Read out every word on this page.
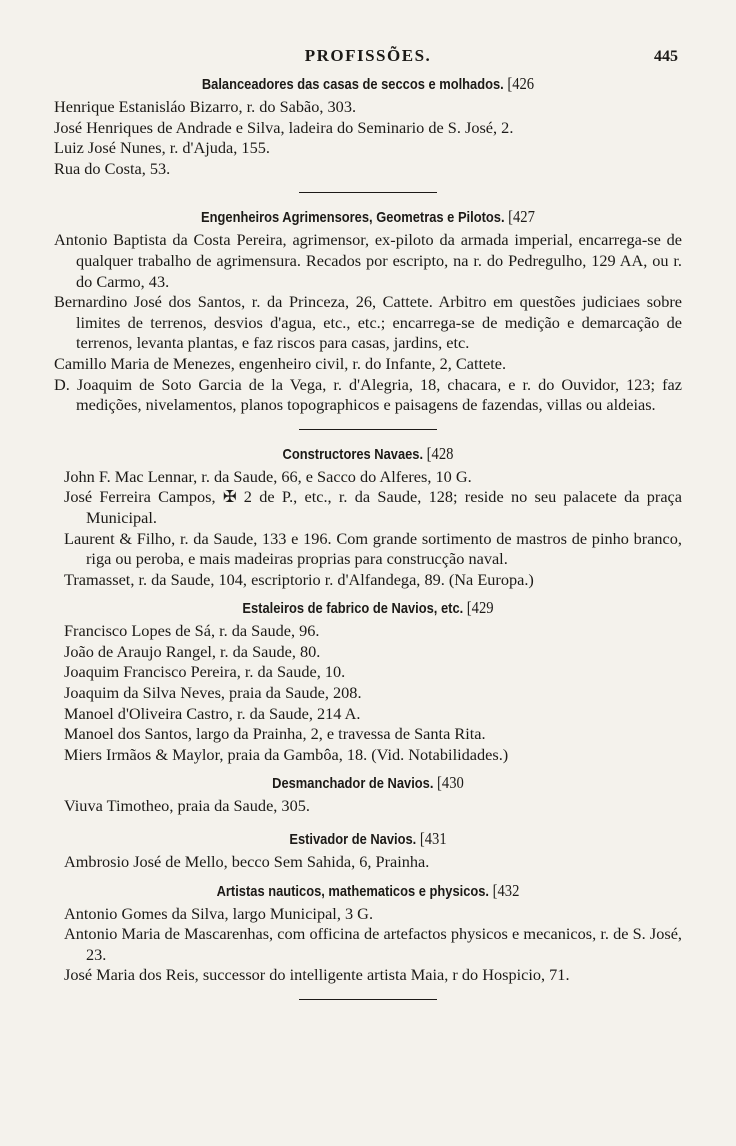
PROFISSÕES.	445
Balanceadores das casas de seccos e molhados. [426

Henrique Estanisláo Bizarro, r. do Sabão, 303.

José Henriques de Andrade e Silva, ladeira do Seminario de S. José, 2.

Luiz José Nunes, r. d'Ajuda, 155.

Rua do Costa, 53.

Engenheiros Agrimensores, Geometras e Pilotos. [427

Antonio Baptista da Costa Pereira, agrimensor, ex-piloto da armada imperial, encarrega-se de qualquer trabalho de agrimensura. Recados por escripto, na r. do Pedregulho, 129 AA, ou r. do Carmo, 43.

Bernardino José dos Santos, r. da Princeza, 26, Cattete. Arbitro em questões judiciaes sobre limites de terrenos, desvios d'agua, etc., etc.; encarrega-se de medição e demarcação de terrenos, levanta plantas, e faz riscos para casas, jardins, etc.

Camillo Maria de Menezes, engenheiro civil, r. do Infante, 2, Cattete.

D. Joaquim de Soto Garcia de la Vega, r. d'Alegria, 18, chacara, e r. do Ouvidor, 123; faz medições, nivelamentos, planos topographicos e paisagens de fazendas, villas ou aldeias.

Constructores Navaes. [428

John F. Mac Lennar, r. da Saude, 66, e Sacco do Alferes, 10 G.

José Ferreira Campos, ✠ 2 de P., etc., r. da Saude, 128; reside no seu palacete da praça Municipal.

Laurent & Filho, r. da Saude, 133 e 196. Com grande sortimento de mastros de pinho branco, riga ou peroba, e mais madeiras proprias para construcção naval.

Tramasset, r. da Saude, 104, escriptorio r. d'Alfandega, 89. (Na Europa.)

Estaleiros de fabrico de Navios, etc. [429

Francisco Lopes de Sá, r. da Saude, 96.

João de Araujo Rangel, r. da Saude, 80.

Joaquim Francisco Pereira, r. da Saude, 10.

Joaquim da Silva Neves, praia da Saude, 208.

Manoel d'Oliveira Castro, r. da Saude, 214 A.

Manoel dos Santos, largo da Prainha, 2, e travessa de Santa Rita.

Miers Irmãos & Maylor, praia da Gambôa, 18. (Vid. Notabilidades.)

Desmanchador de Navios. [430

Viuva Timotheo, praia da Saude, 305.

Estivador de Navios. [431

Ambrosio José de Mello, becco Sem Sahida, 6, Prainha.

Artistas nauticos, mathematicos e physicos. [432

Antonio Gomes da Silva, largo Municipal, 3 G.

Antonio Maria de Mascarenhas, com officina de artefactos physicos e mecanicos, r. de S. José, 23.

José Maria dos Reis, successor do intelligente artista Maia, r do Hospicio, 71.
